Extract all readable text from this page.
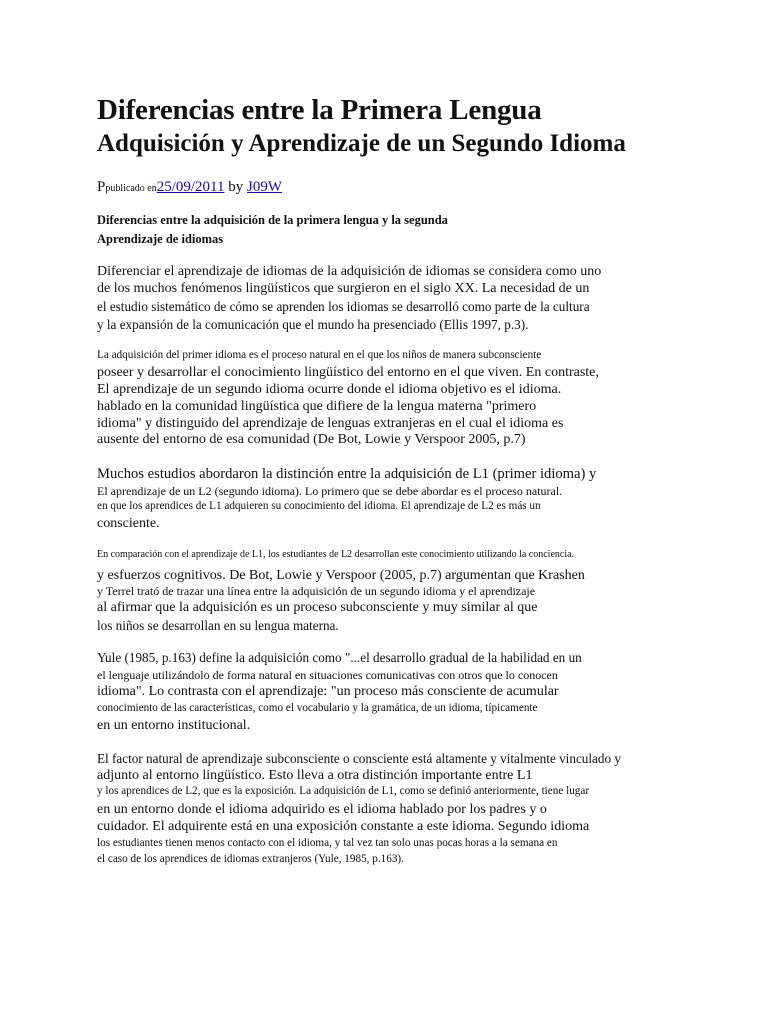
Diferencias entre la Primera Lengua
Adquisición y Aprendizaje de un Segundo Idioma
Ppublicado en25/09/2011 by J09W
Diferencias entre la adquisición de la primera lengua y la segunda
Aprendizaje de idiomas
Diferenciar el aprendizaje de idiomas de la adquisición de idiomas se considera como uno
de los muchos fenómenos lingüísticos que surgieron en el siglo XX. La necesidad de un
el estudio sistemático de cómo se aprenden los idiomas se desarrolló como parte de la cultura
y la expansión de la comunicación que el mundo ha presenciado (Ellis 1997, p.3).
La adquisición del primer idioma es el proceso natural en el que los niños de manera subconsciente
poseer y desarrollar el conocimiento lingüístico del entorno en el que viven. En contraste,
El aprendizaje de un segundo idioma ocurre donde el idioma objetivo es el idioma.
hablado en la comunidad lingüística que difiere de la lengua materna "primero
idioma" y distinguido del aprendizaje de lenguas extranjeras en el cual el idioma es
ausente del entorno de esa comunidad (De Bot, Lowie y Verspoor 2005, p.7)
Muchos estudios abordaron la distinción entre la adquisición de L1 (primer idioma) y
El aprendizaje de un L2 (segundo idioma). Lo primero que se debe abordar es el proceso natural.
en que los aprendices de L1 adquieren su conocimiento del idioma. El aprendizaje de L2 es más un
consciente.
En comparación con el aprendizaje de L1, los estudiantes de L2 desarrollan este conocimiento utilizando la conciencia.
y esfuerzos cognitivos. De Bot, Lowie y Verspoor (2005, p.7) argumentan que Krashen
y Terrel trató de trazar una línea entre la adquisición de un segundo idioma y el aprendizaje
al afirmar que la adquisición es un proceso subconsciente y muy similar al que
los niños se desarrollan en su lengua materna.
Yule (1985, p.163) define la adquisición como "...el desarrollo gradual de la habilidad en un
el lenguaje utilizándolo de forma natural en situaciones comunicativas con otros que lo conocen
idioma". Lo contrasta con el aprendizaje: "un proceso más consciente de acumular
conocimiento de las características, como el vocabulario y la gramática, de un idioma, típicamente
en un entorno institucional.
El factor natural de aprendizaje subconsciente o consciente está altamente y vitalmente vinculado y
adjunto al entorno lingüístico. Esto lleva a otra distinción importante entre L1
y los aprendices de L2, que es la exposición. La adquisición de L1, como se definió anteriormente, tiene lugar
en un entorno donde el idioma adquirido es el idioma hablado por los padres y o
cuidador. El adquirente está en una exposición constante a este idioma. Segundo idioma
los estudiantes tienen menos contacto con el idioma, y tal vez tan solo unas pocas horas a la semana en
el caso de los aprendices de idiomas extranjeros (Yule, 1985, p.163).
